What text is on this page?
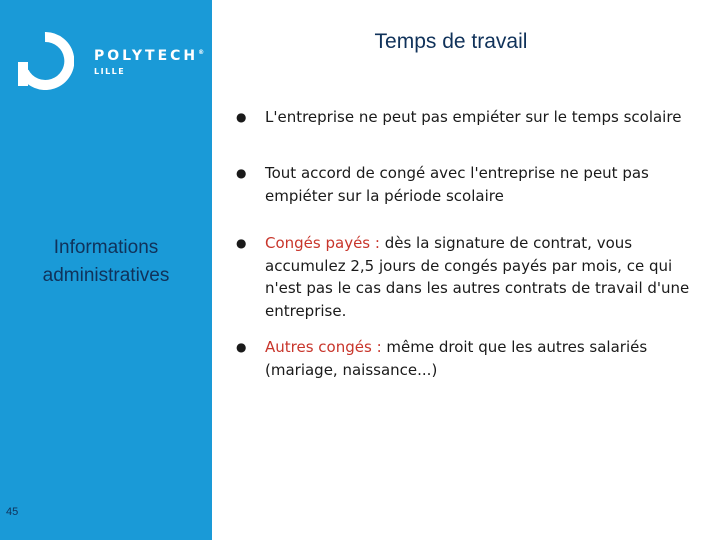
POLYTECH®
LILLE
Informations
administratives
45
Temps de travail
● L'entreprise ne peut pas empiéter sur le temps scolaire
● Tout accord de congé avec l'entreprise ne peut pas empiéter sur la période scolaire
● Congés payés : dès la signature de contrat, vous accumulez 2,5 jours de congés payés par mois, ce qui n'est pas le cas dans les autres contrats de travail d'une entreprise.
● Autres congés : même droit que les autres salariés (mariage, naissance...)
